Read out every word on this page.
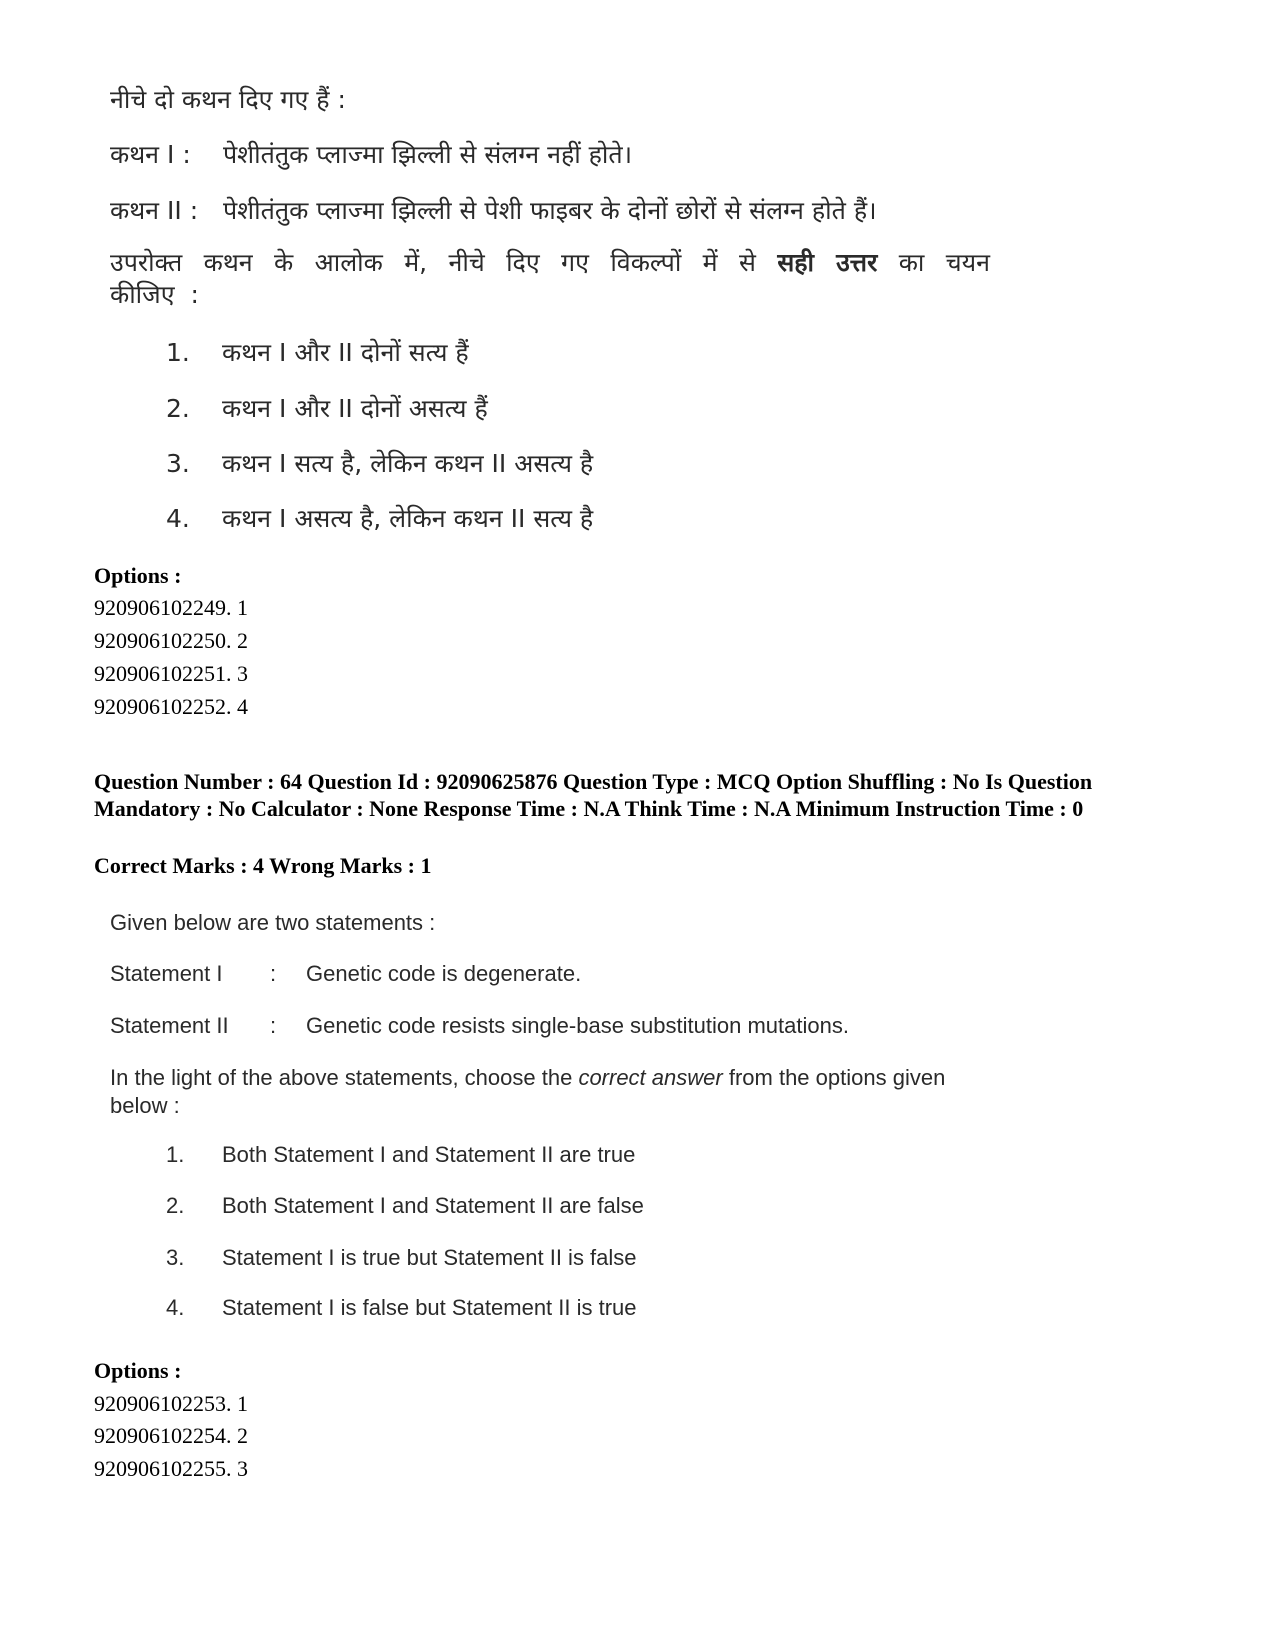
नीचे दो कथन दिए गए हैं :
कथन I : पेशीतंतुक प्लाज्मा झिल्ली से संलग्न नहीं होते।
कथन II : पेशीतंतुक प्लाज्मा झिल्ली से पेशी फाइबर के दोनों छोरों से संलग्न होते हैं।
उपरोक्त कथन के आलोक में, नीचे दिए गए विकल्पों में से सही उत्तर का चयन कीजिए :
1. कथन I और II दोनों सत्य हैं
2. कथन I और II दोनों असत्य हैं
3. कथन I सत्य है, लेकिन कथन II असत्य है
4. कथन I असत्य है, लेकिन कथन II सत्य है
Options :
920906102249. 1
920906102250. 2
920906102251. 3
920906102252. 4
Question Number : 64 Question Id : 92090625876 Question Type : MCQ Option Shuffling : No Is Question Mandatory : No Calculator : None Response Time : N.A Think Time : N.A Minimum Instruction Time : 0
Correct Marks : 4 Wrong Marks : 1
Given below are two statements :
Statement I : Genetic code is degenerate.
Statement II : Genetic code resists single-base substitution mutations.
In the light of the above statements, choose the correct answer from the options given below :
1. Both Statement I and Statement II are true
2. Both Statement I and Statement II are false
3. Statement I is true but Statement II is false
4. Statement I is false but Statement II is true
Options :
920906102253. 1
920906102254. 2
920906102255. 3
